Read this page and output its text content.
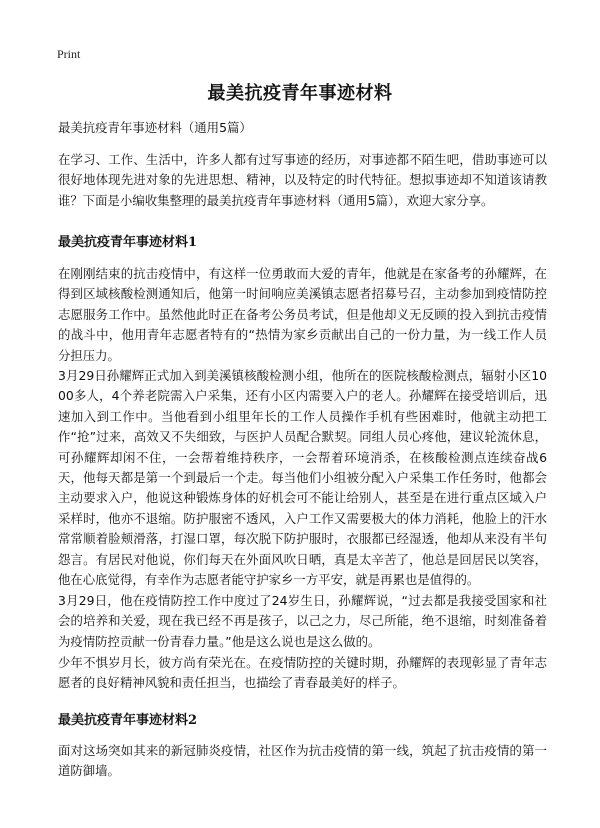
Print
最美抗疫青年事迹材料

最美抗疫青年事迹材料（通用5篇）

在学习、工作、生活中，许多人都有过写事迹的经历，对事迹都不陌生吧，借助事迹可以很好地体现先进对象的先进思想、精神，以及特定的时代特征。想拟事迹却不知道该请教谁？下面是小编收集整理的最美抗疫青年事迹材料（通用5篇），欢迎大家分享。

最美抗疫青年事迹材料1

在刚刚结束的抗击疫情中，有这样一位勇敢而大爱的青年，他就是在家备考的孙耀辉，在得到区域核酸检测通知后，他第一时间响应美溪镇志愿者招募号召，主动参加到疫情防控志愿服务工作中。虽然他此时正在备考公务员考试，但是他却义无反顾的投入到抗击疫情的战斗中，他用青年志愿者特有的“热情为家乡贡献出自己的一份力量，为一线工作人员分担压力。

3月29日孙耀辉正式加入到美溪镇核酸检测小组，他所在的医院核酸检测点，辐射小区1000多人，4个养老院需入户采集，还有小区内需要入户的老人。孙耀辉在接受培训后，迅速加入到工作中。当他看到小组里年长的工作人员操作手机有些困难时，他就主动把工作“抢”过来，高效又不失细致，与医护人员配合默契。同组人员心疼他，建议轮流休息，可孙耀辉却闲不住，一会帮着维持秩序，一会帮着环境消杀，在核酸检测点连续奋战6天，他每天都是第一个到最后一个走。每当他们小组被分配入户采集工作任务时，他都会主动要求入户，他说这种锻炼身体的好机会可不能让给别人，甚至是在进行重点区域入户采样时，他亦不退缩。防护服密不透风，入户工作又需要极大的体力消耗，他脸上的汗水常常顺着脸颊滑落，打湿口罩，每次脱下防护服时，衣服都已经湿透，他却从来没有半句怨言。有居民对他说，你们每天在外面风吹日晒，真是太辛苦了，他总是回居民以笑容，他在心底觉得，有幸作为志愿者能守护家乡一方平安，就是再累也是值得的。

3月29日，他在疫情防控工作中度过了24岁生日，孙耀辉说，“过去都是我接受国家和社会的培养和关爱，现在我已经不再是孩子，以己之力，尽己所能，绝不退缩，时刻准备着为疫情防控贡献一份青春力量。”他是这么说也是这么做的。

少年不惧岁月长，彼方尚有荣光在。在疫情防控的关键时期，孙耀辉的表现彰显了青年志愿者的良好精神风貌和责任担当，也描绘了青春最美好的样子。

最美抗疫青年事迹材料2

面对这场突如其来的新冠肺炎疫情，社区作为抗击疫情的第一线，筑起了抗击疫情的第一道防御墙。
